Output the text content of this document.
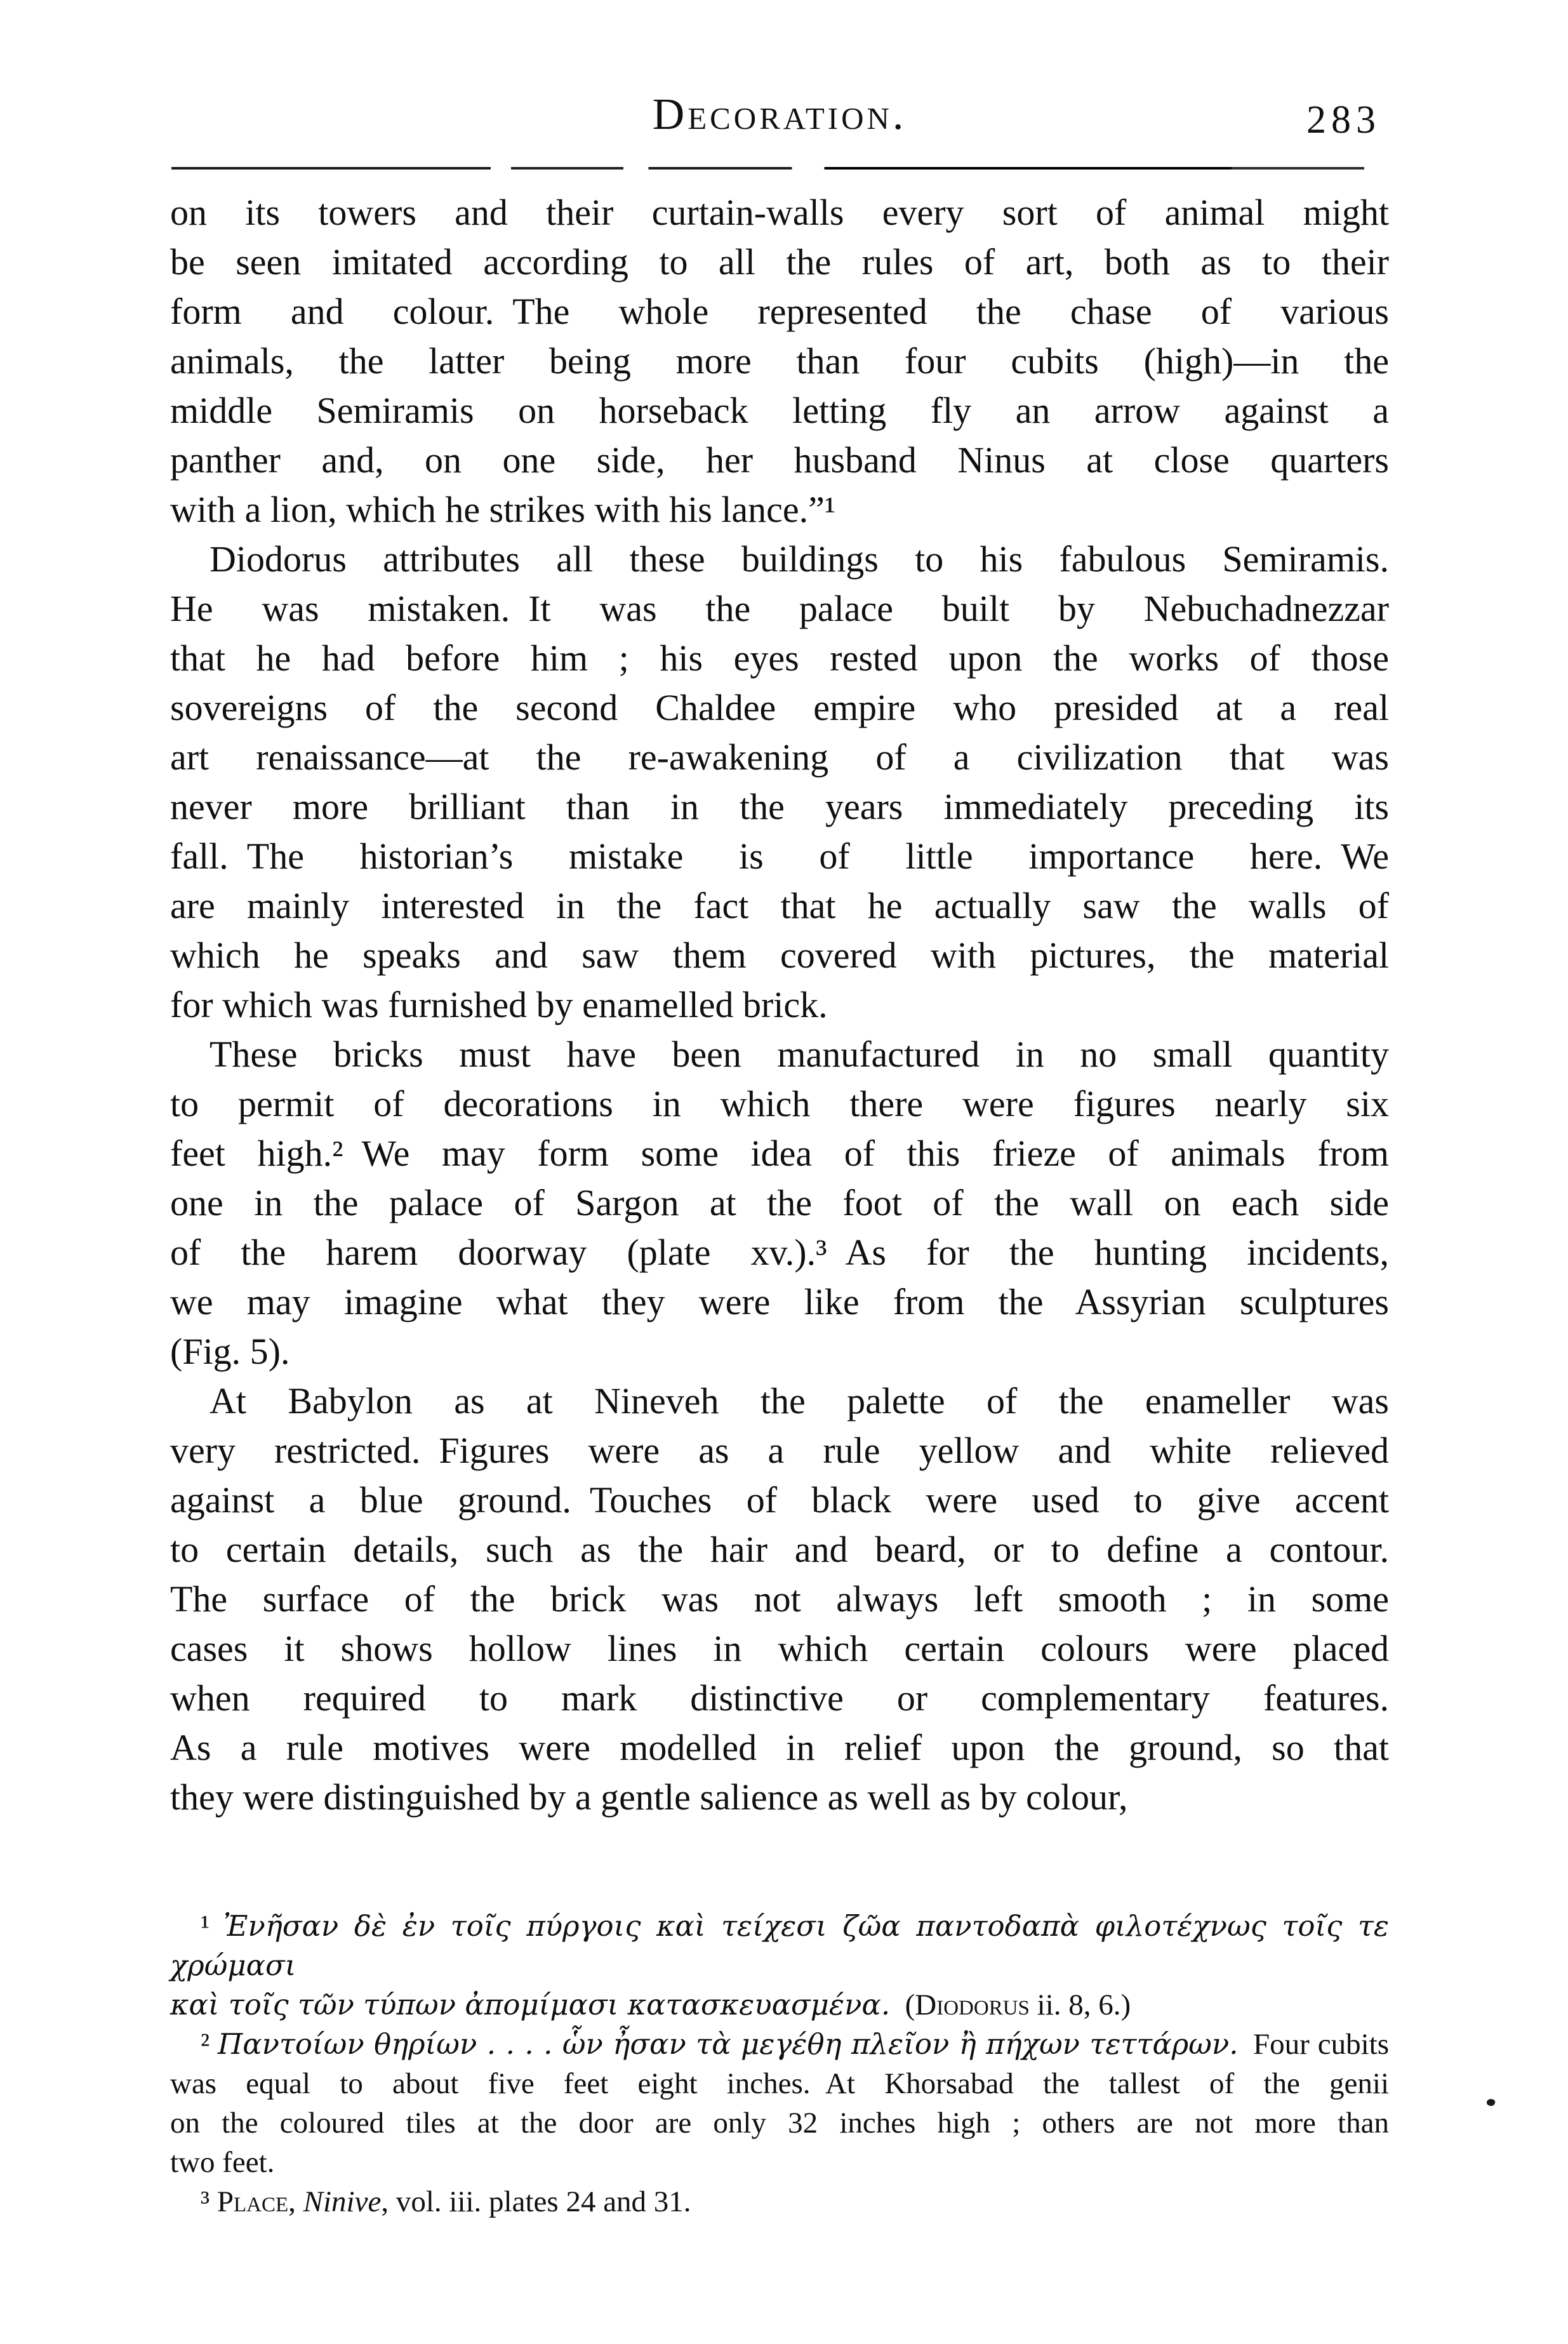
Decoration.	283
on its towers and their curtain-walls every sort of animal might
be seen imitated according to all the rules of art, both as to their
form and colour. The whole represented the chase of various
animals, the latter being more than four cubits (high)—in the
middle Semiramis on horseback letting fly an arrow against a
panther and, on one side, her husband Ninus at close quarters
with a lion, which he strikes with his lance.”¹
Diodorus attributes all these buildings to his fabulous Semiramis.
He was mistaken. It was the palace built by Nebuchadnezzar
that he had before him ; his eyes rested upon the works of those
sovereigns of the second Chaldee empire who presided at a real
art renaissance—at the re-awakening of a civilization that was
never more brilliant than in the years immediately preceding its
fall. The historian’s mistake is of little importance here. We
are mainly interested in the fact that he actually saw the walls of
which he speaks and saw them covered with pictures, the material
for which was furnished by enamelled brick.
These bricks must have been manufactured in no small quantity
to permit of decorations in which there were figures nearly six
feet high.² We may form some idea of this frieze of animals from
one in the palace of Sargon at the foot of the wall on each side
of the harem doorway (plate xv.).³ As for the hunting incidents,
we may imagine what they were like from the Assyrian sculptures
(Fig. 5).
At Babylon as at Nineveh the palette of the enameller was
very restricted. Figures were as a rule yellow and white relieved
against a blue ground. Touches of black were used to give accent
to certain details, such as the hair and beard, or to define a contour.
The surface of the brick was not always left smooth ; in some
cases it shows hollow lines in which certain colours were placed
when required to mark distinctive or complementary features.
As a rule motives were modelled in relief upon the ground, so that
they were distinguished by a gentle salience as well as by colour,
¹ Ἐνῆσαν δὲ ἐν τοῖς πύργοις καὶ τείχεσι ζῶα παντοδαπὰ φιλοτέχνως τοῖς τε χρώμασι
καὶ τοῖς τῶν τύπων ἀπομίμασι κατασκευασμένα. (Diodorus ii. 8, 6.)
² Παντοίων θηρίων . . . . ὧν ἦσαν τὰ μεγέθη πλεῖον ἢ πήχων τεττάρων. Four cubits
was equal to about five feet eight inches. At Khorsabad the tallest of the genii
on the coloured tiles at the door are only 32 inches high ; others are not more than
two feet.
³ Place, Ninive, vol. iii. plates 24 and 31.
